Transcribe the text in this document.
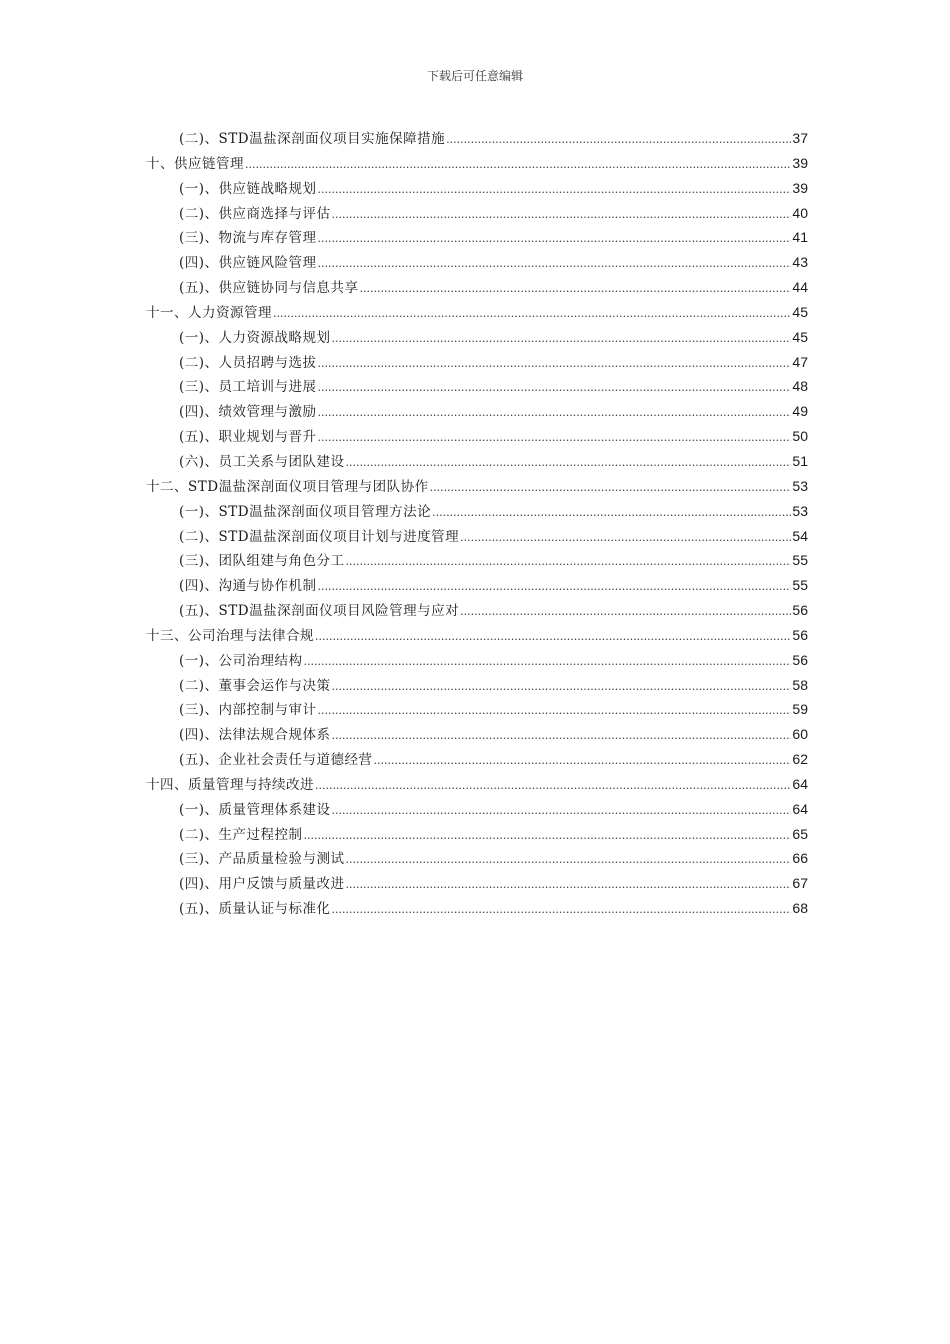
下载后可任意编辑
(二)、STD温盐深剖面仪项目实施保障措施 .....	37
十、供应链管理 .....	39
(一)、供应链战略规划 .....	39
(二)、供应商选择与评估 .....	40
(三)、物流与库存管理 .....	41
(四)、供应链风险管理 .....	43
(五)、供应链协同与信息共享 .....	44
十一、人力资源管理 .....	45
(一)、人力资源战略规划 .....	45
(二)、人员招聘与选拔 .....	47
(三)、员工培训与进展 .....	48
(四)、绩效管理与激励 .....	49
(五)、职业规划与晋升 .....	50
(六)、员工关系与团队建设 .....	51
十二、STD温盐深剖面仪项目管理与团队协作 .....	53
(一)、STD温盐深剖面仪项目管理方法论 .....	53
(二)、STD温盐深剖面仪项目计划与进度管理 .....	54
(三)、团队组建与角色分工 .....	55
(四)、沟通与协作机制 .....	55
(五)、STD温盐深剖面仪项目风险管理与应对 .....	56
十三、公司治理与法律合规 .....	56
(一)、公司治理结构 .....	56
(二)、董事会运作与决策 .....	58
(三)、内部控制与审计 .....	59
(四)、法律法规合规体系 .....	60
(五)、企业社会责任与道德经营 .....	62
十四、质量管理与持续改进 .....	64
(一)、质量管理体系建设 .....	64
(二)、生产过程控制 .....	65
(三)、产品质量检验与测试 .....	66
(四)、用户反馈与质量改进 .....	67
(五)、质量认证与标准化 .....	68
